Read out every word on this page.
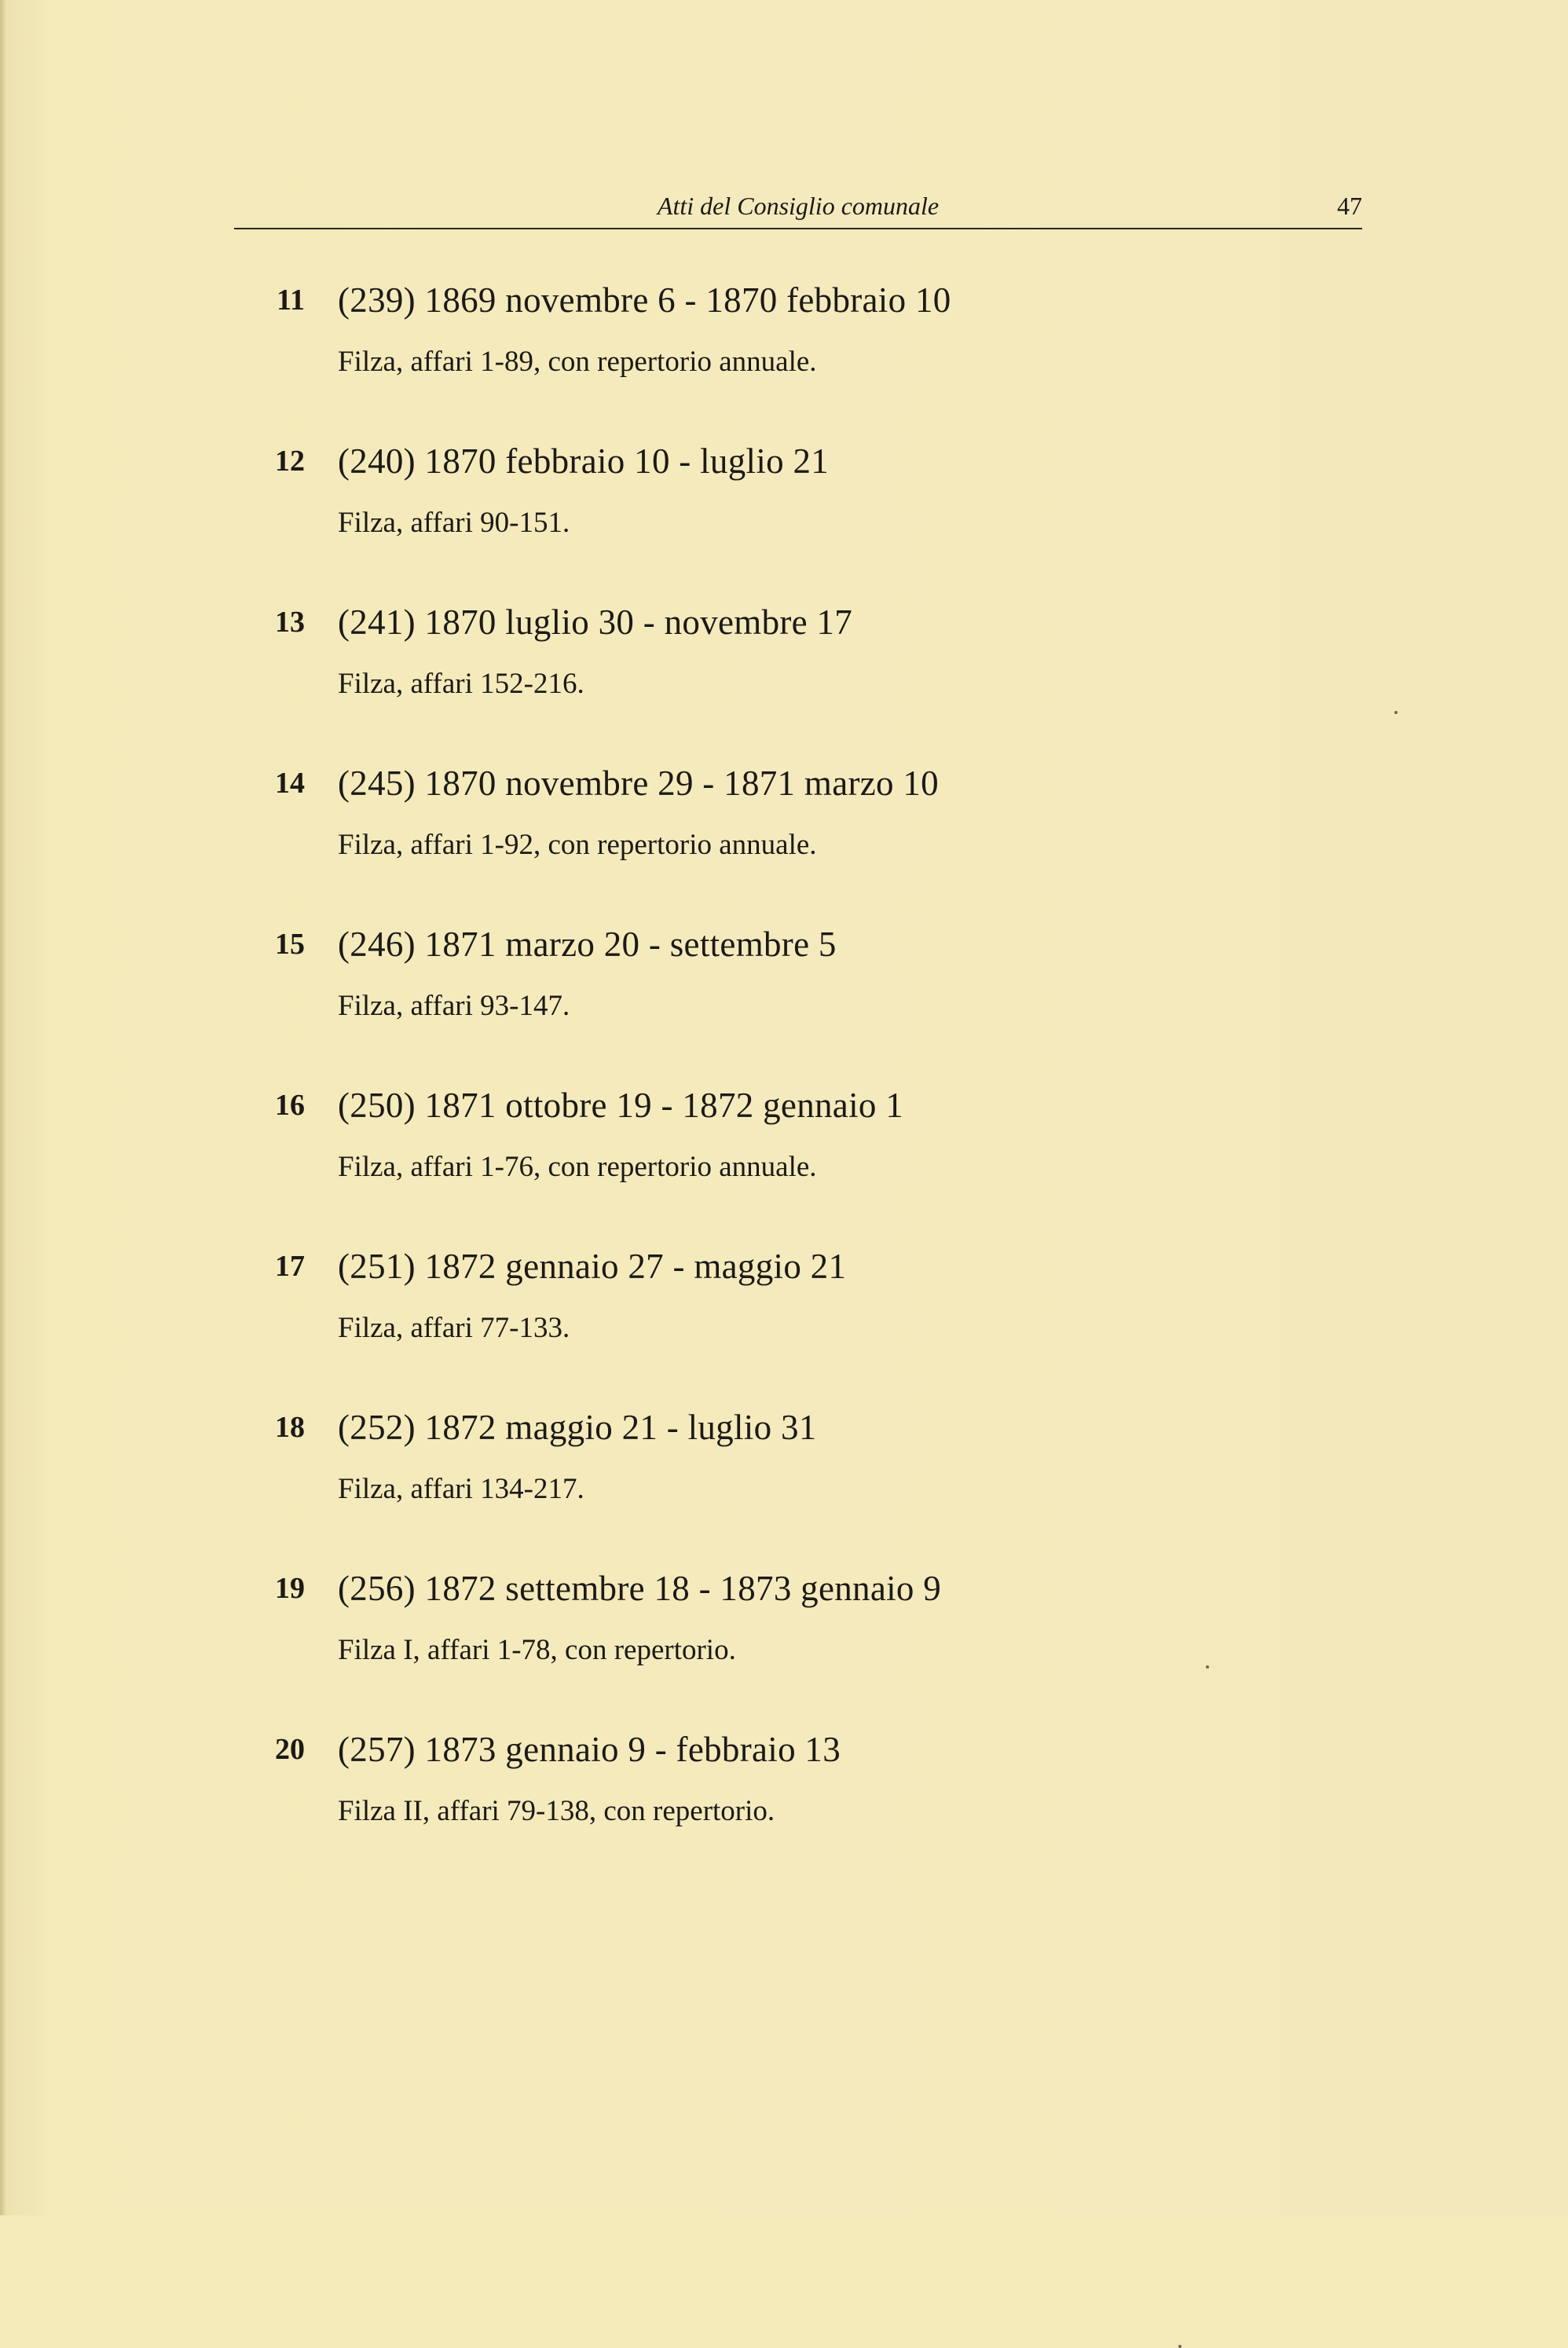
Atti del Consiglio comunale	47
11 (239) 1869 novembre 6 - 1870 febbraio 10
Filza, affari 1-89, con repertorio annuale.
12 (240) 1870 febbraio 10 - luglio 21
Filza, affari 90-151.
13 (241) 1870 luglio 30 - novembre 17
Filza, affari 152-216.
14 (245) 1870 novembre 29 - 1871 marzo 10
Filza, affari 1-92, con repertorio annuale.
15 (246) 1871 marzo 20 - settembre 5
Filza, affari 93-147.
16 (250) 1871 ottobre 19 - 1872 gennaio 1
Filza, affari 1-76, con repertorio annuale.
17 (251) 1872 gennaio 27 - maggio 21
Filza, affari 77-133.
18 (252) 1872 maggio 21 - luglio 31
Filza, affari 134-217.
19 (256) 1872 settembre 18 - 1873 gennaio 9
Filza I, affari 1-78, con repertorio.
20 (257) 1873 gennaio 9 - febbraio 13
Filza II, affari 79-138, con repertorio.
